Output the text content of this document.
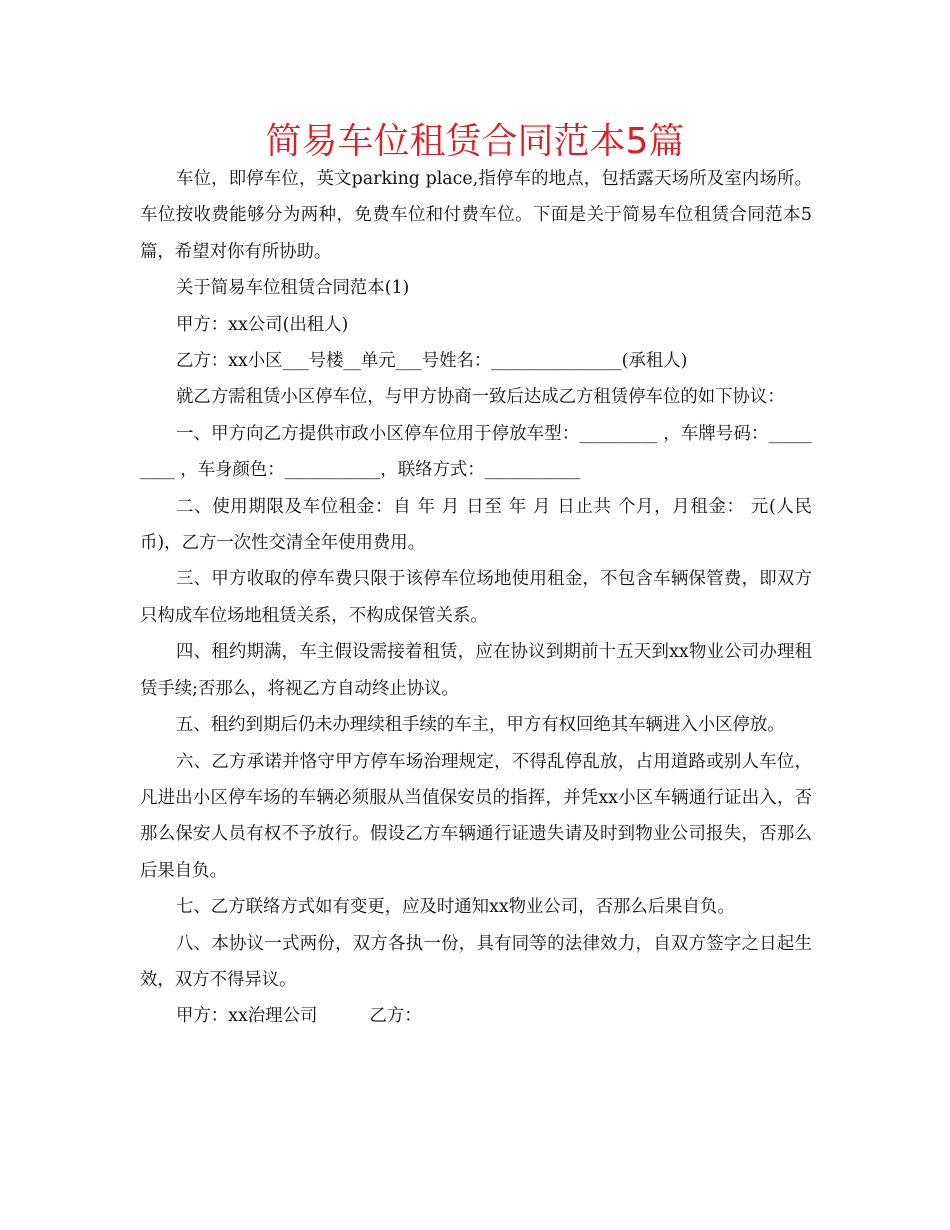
简易车位租赁合同范本5篇

车位，即停车位，英文parking place,指停车的地点，包括露天场所及室内场所。车位按收费能够分为两种，免费车位和付费车位。下面是关于简易车位租赁合同范本5篇，希望对你有所协助。

关于简易车位租赁合同范本(1)

甲方：xx公司(出租人)

乙方：xx小区___号楼__单元___号姓名：_______________(承租人)

就乙方需租赁小区停车位，与甲方协商一致后达成乙方租赁停车位的如下协议：

一、甲方向乙方提供市政小区停车位用于停放车型：_________ ，车牌号码：_________ ，车身颜色：___________，联络方式：___________

二、使用期限及车位租金：自 年 月 日至 年 月 日止共 个月，月租金： 元(人民币)，乙方一次性交清全年使用费用。

三、甲方收取的停车费只限于该停车位场地使用租金，不包含车辆保管费，即双方只构成车位场地租赁关系，不构成保管关系。

四、租约期满，车主假设需接着租赁，应在协议到期前十五天到xx物业公司办理租赁手续;否那么，将视乙方自动终止协议。

五、租约到期后仍未办理续租手续的车主，甲方有权回绝其车辆进入小区停放。

六、乙方承诺并恪守甲方停车场治理规定，不得乱停乱放，占用道路或别人车位，凡进出小区停车场的车辆必须服从当值保安员的指挥，并凭xx小区车辆通行证出入，否那么保安人员有权不予放行。假设乙方车辆通行证遗失请及时到物业公司报失，否那么后果自负。

七、乙方联络方式如有变更，应及时通知xx物业公司，否那么后果自负。

八、本协议一式两份，双方各执一份，具有同等的法律效力，自双方签字之日起生效，双方不得异议。

甲方：xx治理公司　　　乙方：
